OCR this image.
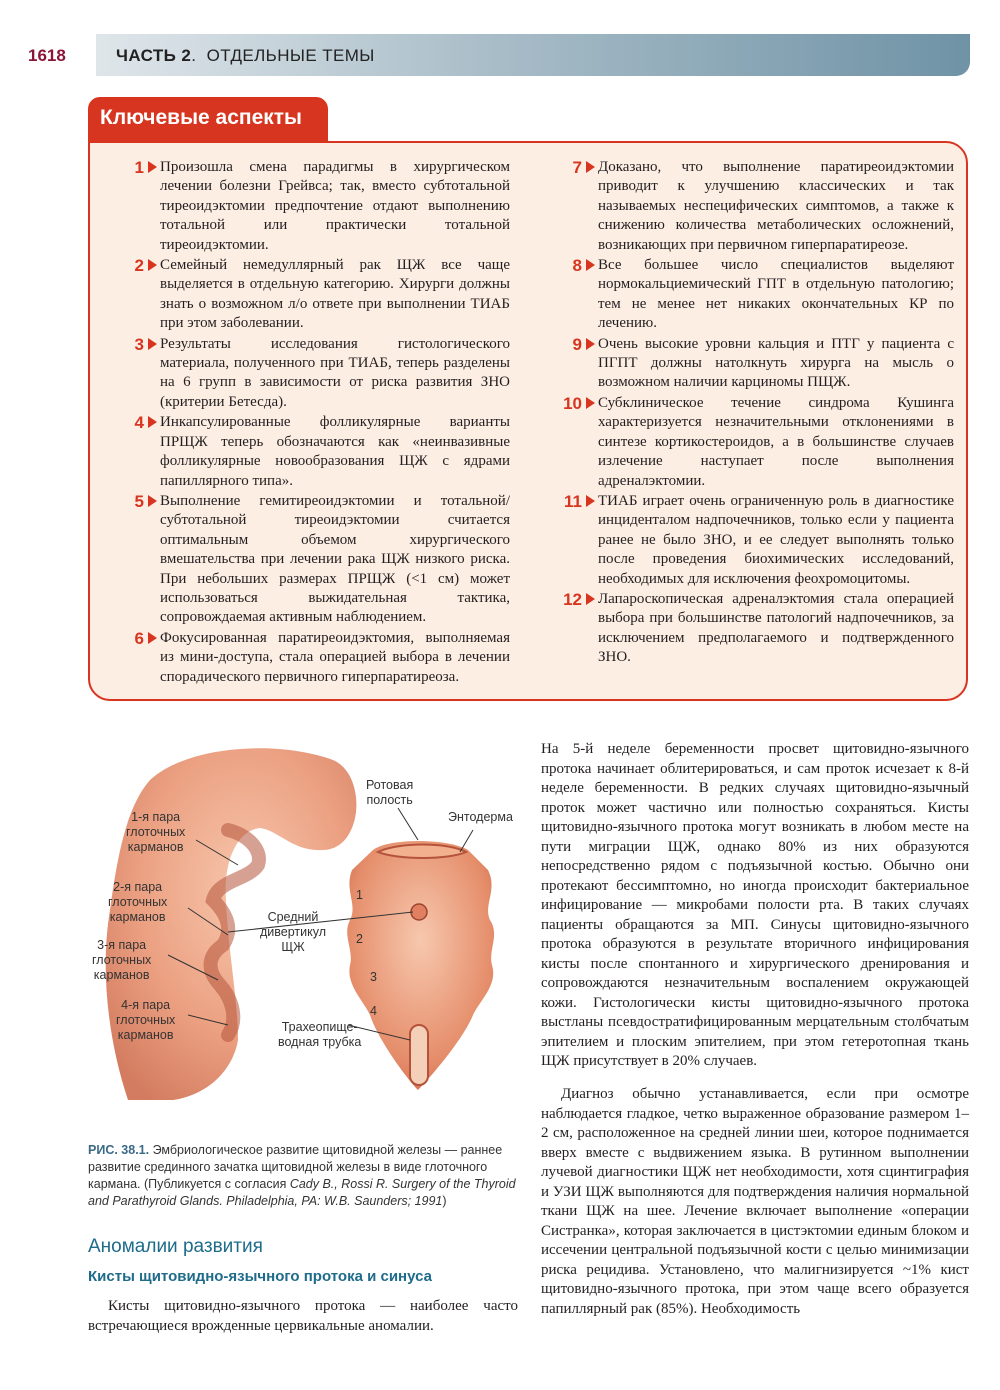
1618	ЧАСТЬ 2.  ОТДЕЛЬНЫЕ ТЕМЫ
Ключевые аспекты
1 Произошла смена парадигмы в хирургическом лечении болезни Грейвса; так, вместо субтотальной тиреоидэктомии предпочтение отдают выполнению тотальной или практически тотальной тиреоидэктомии.
2 Семейный немедуллярный рак ЩЖ все чаще выделяется в отдельную категорию. Хирурги должны знать о возможном л/о ответе при выполнении ТИАБ при этом заболевании.
3 Результаты исследования гистологического материала, полученного при ТИАБ, теперь разделены на 6 групп в зависимости от риска развития ЗНО (критерии Бетесда).
4 Инкапсулированные фолликулярные варианты ПРЩЖ теперь обозначаются как «неинвазивные фолликулярные новообразования ЩЖ с ядрами папиллярного типа».
5 Выполнение гемитиреоидэктомии и тотальной/субтотальной тиреоидэктомии считается оптимальным объемом хирургического вмешательства при лечении рака ЩЖ низкого риска. При небольших размерах ПРЩЖ (<1 см) может использоваться выжидательная тактика, сопровождаемая активным наблюдением.
6 Фокусированная паратиреоидэктомия, выполняемая из мини-доступа, стала операцией выбора в лечении спорадического первичного гиперпаратиреоза.
7 Доказано, что выполнение паратиреоидэктомии приводит к улучшению классических и так называемых неспецифических симптомов, а также к снижению количества метаболических осложнений, возникающих при первичном гиперпаратиреозе.
8 Все большее число специалистов выделяют нормокальциемический ГПТ в отдельную патологию; тем не менее нет никаких окончательных КР по лечению.
9 Очень высокие уровни кальция и ПТГ у пациента с ПГПТ должны натолкнуть хирурга на мысль о возможном наличии карциномы ПЩЖ.
10 Субклиническое течение синдрома Кушинга характеризуется незначительными отклонениями в синтезе кортикостероидов, а в большинстве случаев излечение наступает после выполнения адреналэктомии.
11 ТИАБ играет очень ограниченную роль в диагностике инциденталом надпочечников, только если у пациента ранее не было ЗНО, и ее следует выполнять только после проведения биохимических исследований, необходимых для исключения феохромоцитомы.
12 Лапароскопическая адреналэктомия стала операцией выбора при большинстве патологий надпочечников, за исключением предполагаемого и подтвержденного ЗНО.
1-я пара
глоточных
карманов
2-я пара
глоточных
карманов
3-я пара
глоточных
карманов
4-я пара
глоточных
карманов
Ротовая
полость
Энтодерма
Средний
дивертикул
ЩЖ
Трахеопище-
водная трубка
1
2
3
4
РИС. 38.1. Эмбриологическое развитие щитовидной железы — раннее развитие срединного зачатка щитовидной железы в виде глоточного кармана. (Публикуется с согласия Cady B., Rossi R. Surgery of the Thyroid and Parathyroid Glands. Philadelphia, PA: W.B. Saunders; 1991)
Аномалии развития
Кисты щитовидно-язычного протока и синуса
Кисты щитовидно-язычного протока — наиболее часто встречающиеся врожденные цервикальные аномалии.
На 5-й неделе беременности просвет щитовидно-язычного протока начинает облитерироваться, и сам проток исчезает к 8-й неделе беременности. В редких случаях щитовидно-язычный проток может частично или полностью сохраняться. Кисты щитовидно-язычного протока могут возникать в любом месте на пути миграции ЩЖ, однако 80% из них образуются непосредственно рядом с подъязычной костью. Обычно они протекают бессимптомно, но иногда происходит бактериальное инфицирование — микробами полости рта. В таких случаях пациенты обращаются за МП. Синусы щитовидно-язычного протока образуются в результате вторичного инфицирования кисты после спонтанного и хирургического дренирования и сопровождаются незначительным воспалением окружающей кожи. Гистологически кисты щитовидно-язычного протока выстланы псевдостратифицированным мерцательным столбчатым эпителием и плоским эпителием, при этом гетеротопная ткань ЩЖ присутствует в 20% случаев.
Диагноз обычно устанавливается, если при осмотре наблюдается гладкое, четко выраженное образование размером 1–2 см, расположенное на средней линии шеи, которое поднимается вверх вместе с выдвижением языка. В рутинном выполнении лучевой диагностики ЩЖ нет необходимости, хотя сцинтиграфия и УЗИ ЩЖ выполняются для подтверждения наличия нормальной ткани ЩЖ на шее. Лечение включает выполнение «операции Систранка», которая заключается в цистэктомии единым блоком и иссечении центральной подъязычной кости с целью минимизации риска рецидива. Установлено, что малигнизируется ~1% кист щитовидно-язычного протока, при этом чаще всего образуется папиллярный рак (85%). Необходимость
